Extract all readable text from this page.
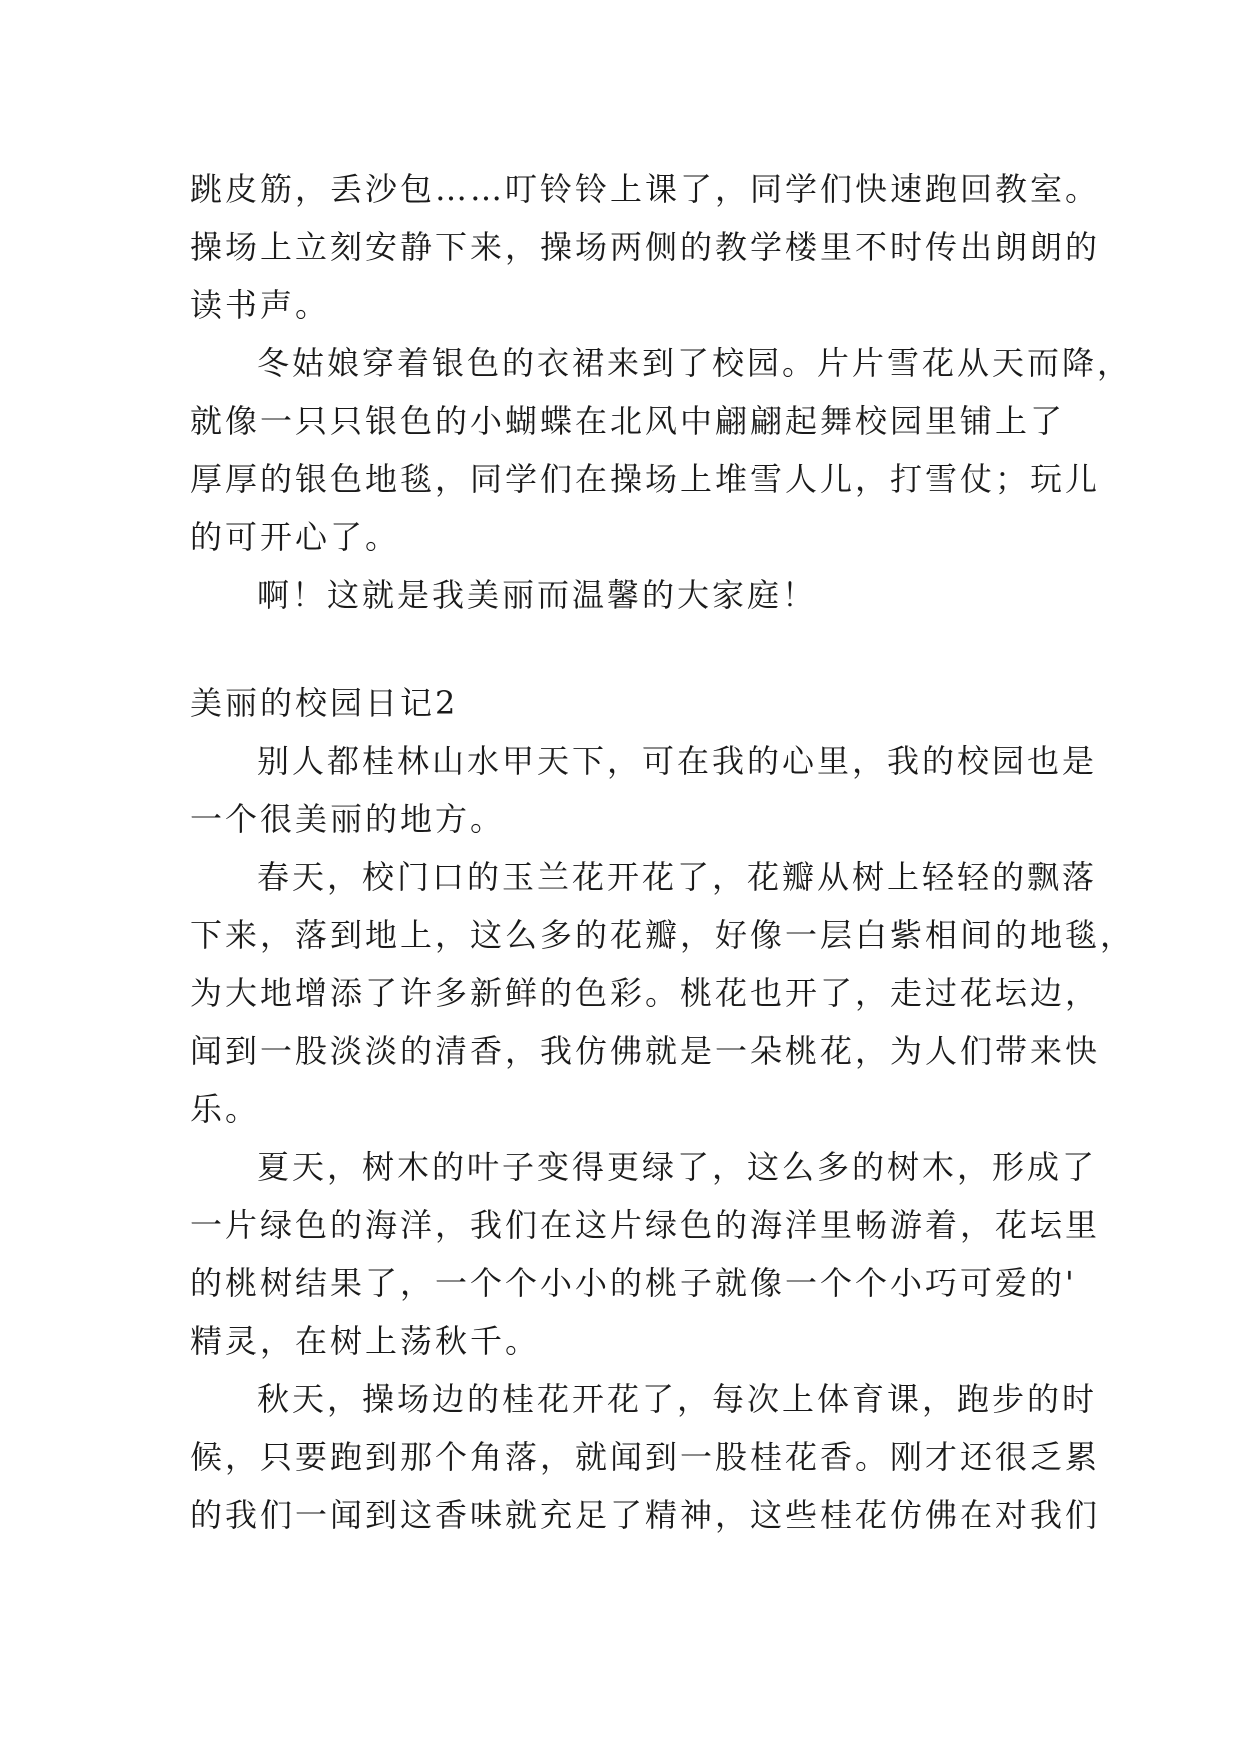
跳皮筋，丢沙包……叮铃铃上课了，同学们快速跑回教室。
操场上立刻安静下来，操场两侧的教学楼里不时传出朗朗的
读书声。
冬姑娘穿着银色的衣裙来到了校园。片片雪花从天而降，
就像一只只银色的小蝴蝶在北风中翩翩起舞校园里铺上了
厚厚的银色地毯，同学们在操场上堆雪人儿，打雪仗；玩儿
的可开心了。
啊！这就是我美丽而温馨的大家庭！
美丽的校园日记2
别人都桂林山水甲天下，可在我的心里，我的校园也是
一个很美丽的地方。
春天，校门口的玉兰花开花了，花瓣从树上轻轻的飘落
下来，落到地上，这么多的花瓣，好像一层白紫相间的地毯，
为大地增添了许多新鲜的色彩。桃花也开了，走过花坛边，
闻到一股淡淡的清香，我仿佛就是一朵桃花，为人们带来快
乐。
夏天，树木的叶子变得更绿了，这么多的树木，形成了
一片绿色的海洋，我们在这片绿色的海洋里畅游着，花坛里
的桃树结果了，一个个小小的桃子就像一个个小巧可爱的'
精灵，在树上荡秋千。
秋天，操场边的桂花开花了，每次上体育课，跑步的时
候，只要跑到那个角落，就闻到一股桂花香。刚才还很乏累
的我们一闻到这香味就充足了精神，这些桂花仿佛在对我们
